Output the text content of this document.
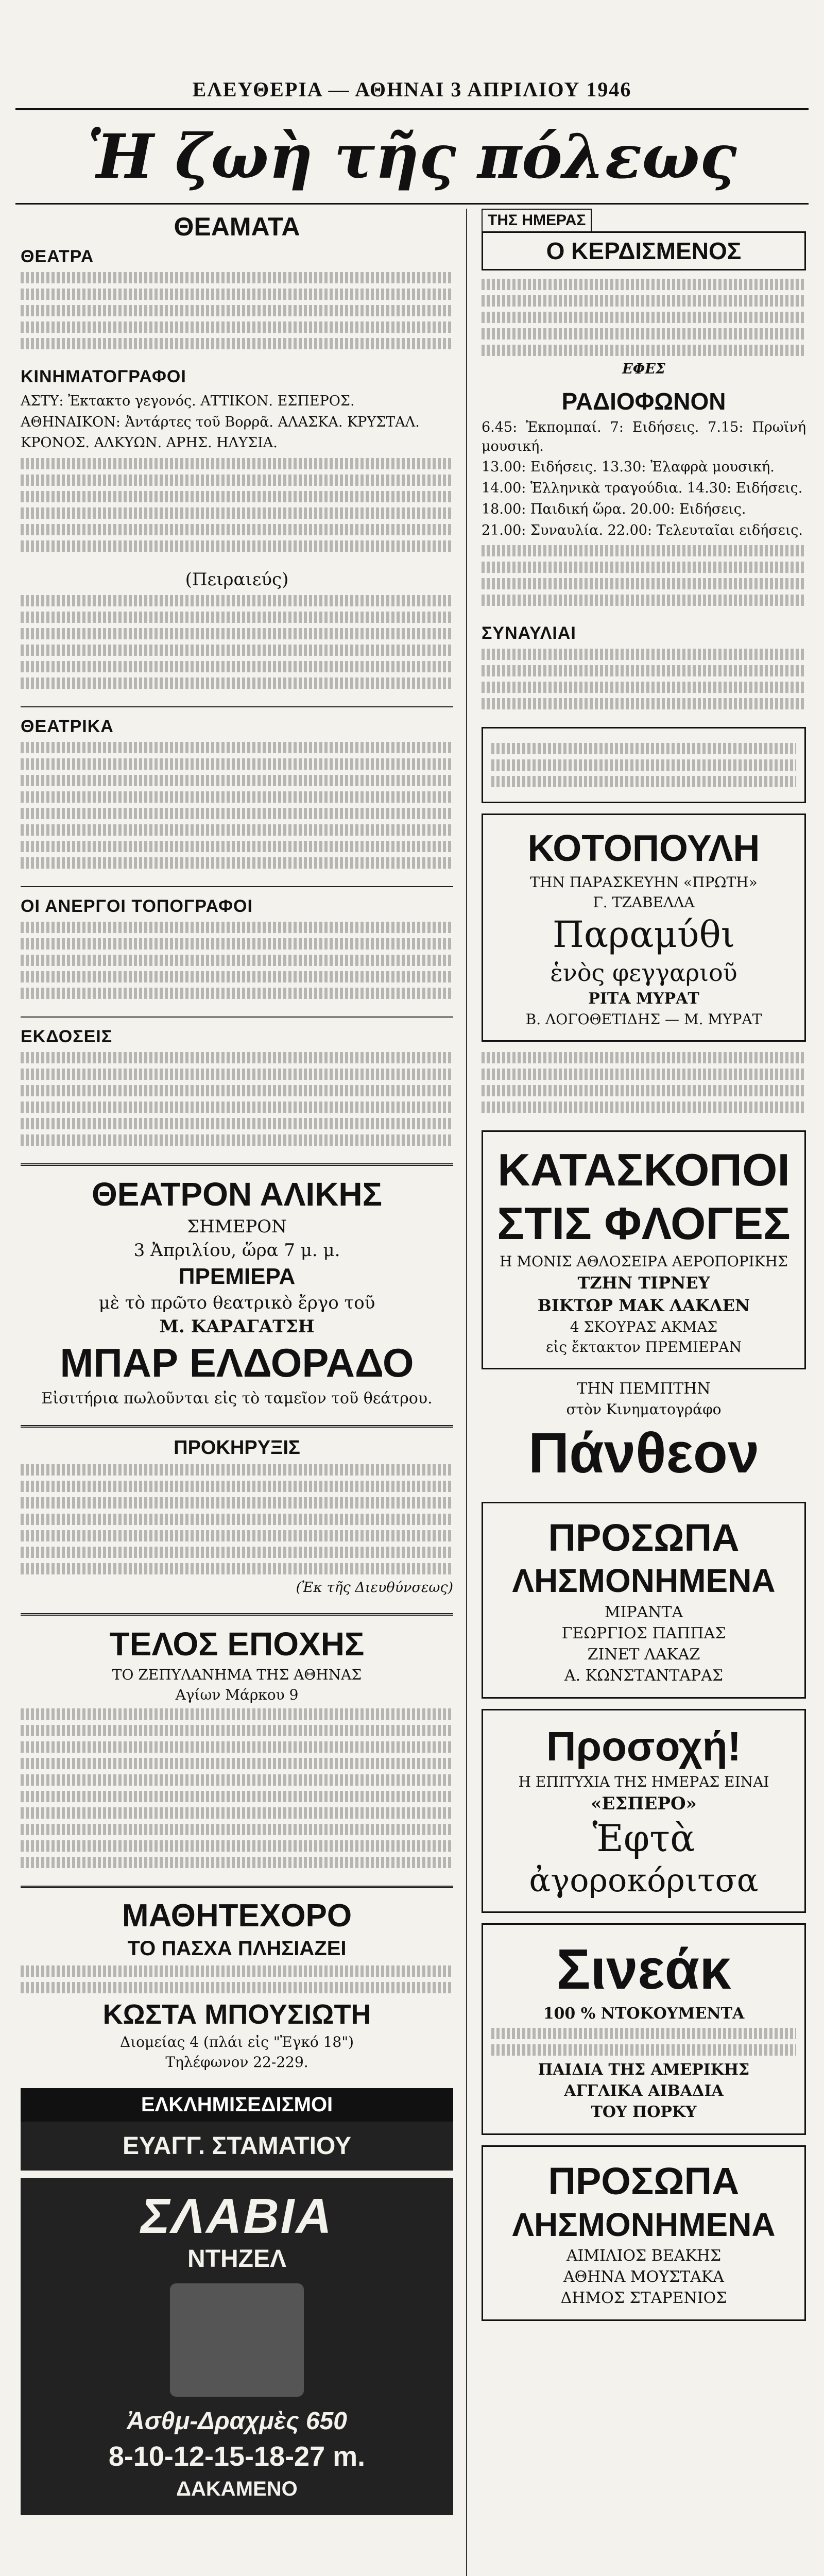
ΕΛΕΥΘΕΡΙΑ — ΑΘΗΝΑΙ 3 ΑΠΡΙΛΙΟΥ 1946
Ἡ ζωὴ τῆς πόλεως
ΘΕΑΜΑΤΑ
ΘΕΑΤΡΑ
ΚΙΝΗΜΑΤΟΓΡΑΦΟΙ
ΑΣΤΥ: Ἐκτακτο γεγονός. ΑΤΤΙΚΟΝ. ΕΣΠΕΡΟΣ.
ΑΘΗΝΑΙΚΟΝ: Ἀντάρτες τοῦ Βορρᾶ. ΑΛΑΣΚΑ. ΚΡΥΣΤΑΛ.
ΚΡΟΝΟΣ. ΑΛΚΥΩΝ. ΑΡΗΣ. ΗΛΥΣΙΑ.
(Πειραιεύς)
ΘΕΑΤΡΙΚΑ
ΟΙ ΑΝΕΡΓΟΙ ΤΟΠΟΓΡΑΦΟΙ
ΕΚΔΟΣΕΙΣ
ΘΕΑΤΡΟΝ ΑΛΙΚΗΣ
ΣΗΜΕΡΟΝ
3 Ἀπριλίου, ὥρα 7 μ. μ.
ΠΡΕΜΙΕΡΑ
μὲ τὸ πρῶτο θεατρικὸ ἔργο τοῦ
Μ. ΚΑΡΑΓΑΤΣΗ
ΜΠΑΡ ΕΛΔΟΡΑΔΟ
Εἰσιτήρια πωλοῦνται εἰς τὸ ταμεῖον τοῦ θεάτρου.
ΠΡΟΚΗΡΥΞΙΣ
(Ἐκ τῆς Διευθύνσεως)
ΤΕΛΟΣ ΕΠΟΧΗΣ
ΤΟ ΖΕΠΥΛΑΝΗΜΑ ΤΗΣ ΑΘΗΝΑΣ
Αγίων Μάρκου 9
ΜΑΘΗΤΕΧΟΡΟ
ΤΟ ΠΑΣΧΑ ΠΛΗΣΙΑΖΕΙ
ΚΩΣΤΑ ΜΠΟΥΣΙΩΤΗ
Διομείας 4 (πλάι εἰς "Ἐγκό 18")
Τηλέφωνον 22-229.
ΕΛΚΛΗΜΙΣΕΔΙΣΜΟΙ
ΕΥΑΓΓ. ΣΤΑΜΑΤΙΟΥ
ΣΛΑΒΙΑ
ΝΤΗΖΕΛ
Ἀσθμ-Δραχμὲς 650
8-10-12-15-18-27 m.
ΔΑΚΑΜΕΝΟ
ΤΗΣ ΗΜΕΡΑΣ
Ο ΚΕΡΔΙΣΜΕΝΟΣ
ΕΦΕΣ
ΡΑΔΙΟΦΩΝΟΝ
6.45: Ἐκπομπαί. 7: Ειδήσεις. 7.15: Πρωϊνή μουσική.
13.00: Ειδήσεις. 13.30: Ἐλαφρὰ μουσική.
14.00: Ἑλληνικὰ τραγούδια. 14.30: Ειδήσεις.
18.00: Παιδική ὥρα. 20.00: Ειδήσεις.
21.00: Συναυλία. 22.00: Τελευταῖαι ειδήσεις.
ΣΥΝΑΥΛΙΑΙ
ΚΟΤΟΠΟΥΛΗ
ΤΗΝ ΠΑΡΑΣΚΕΥΗΝ «ΠΡΩΤΗ»
Γ. ΤΖΑΒΕΛΛΑ
Παραμύθι
ἑνὸς φεγγαριοῦ
ΡΙΤΑ ΜΥΡΑΤ
Β. ΛΟΓΟΘΕΤΙΔΗΣ — Μ. ΜΥΡΑΤ
ΚΑΤΑΣΚΟΠΟΙ
ΣΤΙΣ ΦΛΟΓΕΣ
Η ΜΟΝΙΣ ΑΘΛΟΣΕΙΡΑ ΑΕΡΟΠΟΡΙΚΗΣ
ΤΖΗΝ ΤΙΡΝΕΥ
ΒΙΚΤΩΡ ΜΑΚ ΛΑΚΛΕΝ
4 ΣΚΟΥΡΑΣ ΑΚΜΑΣ
εἰς ἔκτακτον ΠΡΕΜΙΕΡΑΝ
ΤΗΝ ΠΕΜΠΤΗΝ
στὸν Κινηματογράφο
Πάνθεον
ΠΡΟΣΩΠΑ
ΛΗΣΜΟΝΗΜΕΝΑ
ΜΙΡΑΝΤΑ
ΓΕΩΡΓΙΟΣ ΠΑΠΠΑΣ
ΖΙΝΕΤ ΛΑΚΑΖ
Α. ΚΩΝΣΤΑΝΤΑΡΑΣ
Προσοχή!
Η ΕΠΙΤΥΧΙΑ ΤΗΣ ΗΜΕΡΑΣ ΕΙΝΑΙ
«ΕΣΠΕΡΟ»
Ἑφτὰ
ἀγοροκόριτσα
Σινεάκ
100 % ΝΤΟΚΟΥΜΕΝΤΑ
ΠΑΙΔΙΑ ΤΗΣ ΑΜΕΡΙΚΗΣ
ΑΓΓΛΙΚΑ ΑΙΒΑΔΙΑ
ΤΟΥ ΠΟΡΚΥ
ΠΡΟΣΩΠΑ
ΛΗΣΜΟΝΗΜΕΝΑ
ΑΙΜΙΛΙΟΣ ΒΕΑΚΗΣ
ΑΘΗΝΑ ΜΟΥΣΤΑΚΑ
ΔΗΜΟΣ ΣΤΑΡΕΝΙΟΣ
